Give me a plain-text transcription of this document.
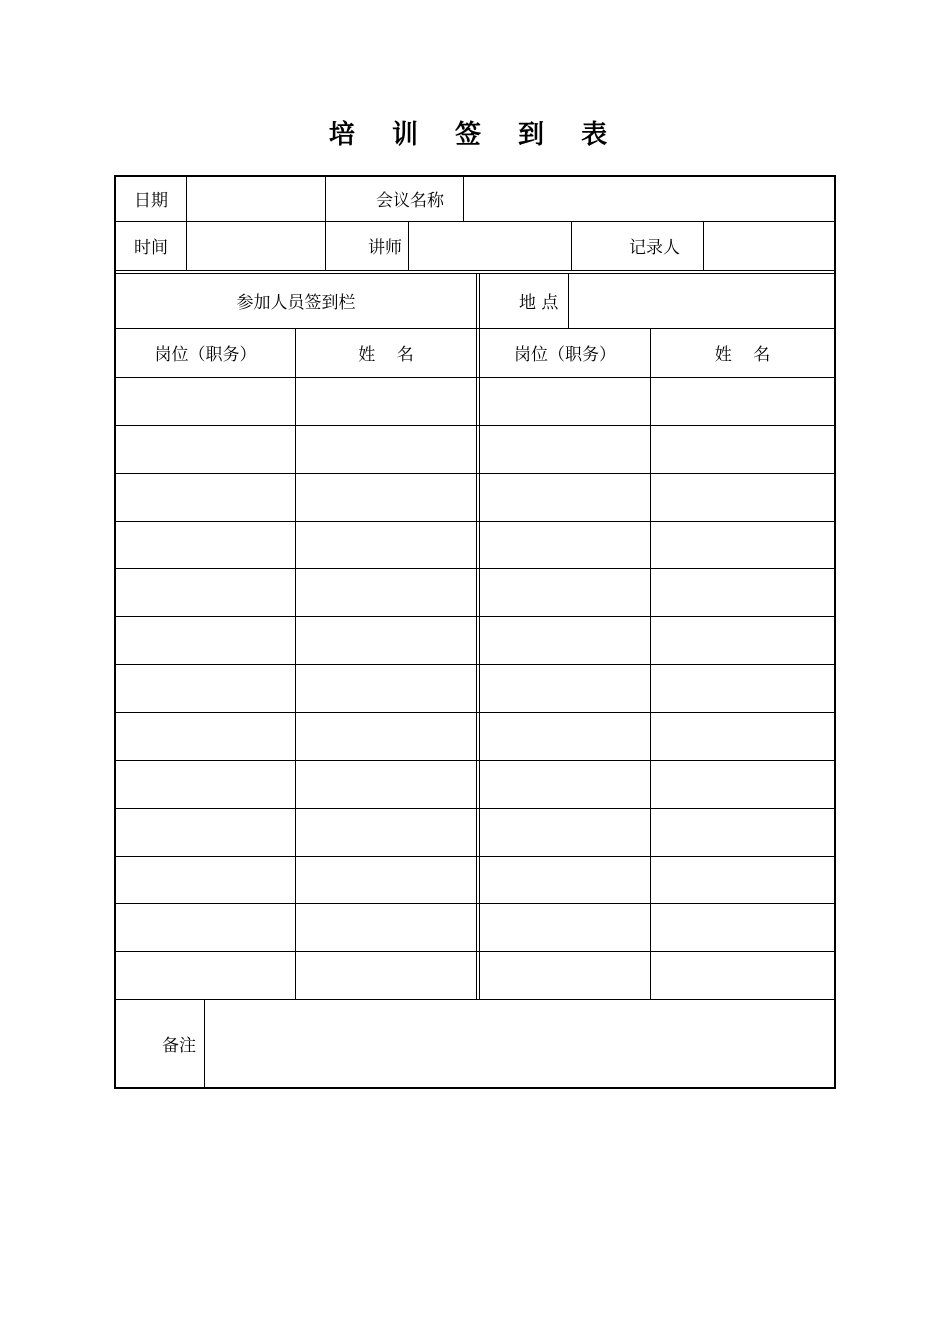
培 训 签 到 表
日期	会议名称
时间	讲师	记录人
参加人员签到栏	地 点
岗位（职务）	姓    名	岗位（职务）	姓    名
备注
